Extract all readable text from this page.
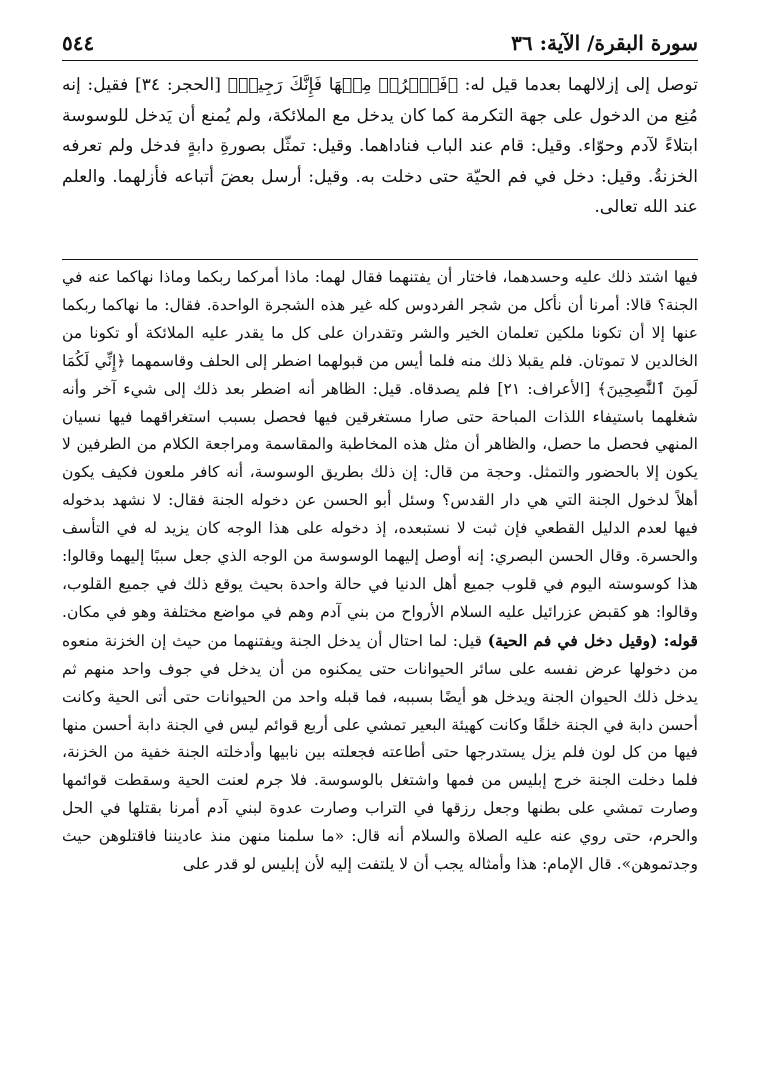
سورة البقرة/ الآية: ٣٦
٥٤٤

توصل إلى إزلالهما بعدما قيل له: ﴿فَٱخۡرُجۡ مِنۡهَا فَإِنَّكَ رَجِيمٞ﴾ [الحجر: ٣٤] فقيل: إنه مُنِع من الدخول على جهة التكرمة كما كان يدخل مع الملائكة، ولم يُمنع أن يَدخل للوسوسة ابتلاءً لآدم وحوّاء. وقيل: قام عند الباب فناداهما. وقيل: تمثّل بصورةِ دابةٍ فدخل ولم تعرفه الخزنةُ. وقيل: دخل في فم الحيّة حتى دخلت به. وقيل: أرسل بعضَ أتباعه فأزلهما. والعلم عند الله تعالى.

فيها اشتد ذلك عليه وحسدهما، فاختار أن يفتنهما فقال لهما: ماذا أمركما ربكما وماذا نهاكما عنه في الجنة؟ قالا: أمرنا أن نأكل من شجر الفردوس كله غير هذه الشجرة الواحدة. فقال: ما نهاكما ربكما عنها إلا أن تكونا ملكين تعلمان الخير والشر وتقدران على كل ما يقدر عليه الملائكة أو تكونا من الخالدين لا تموتان. فلم يقبلا ذلك منه فلما أيس من قبولهما اضطر إلى الحلف وقاسمهما ﴿إِنِّي لَكُمَا لَمِنَ ٱلنَّٰصِحِينَ﴾ [الأعراف: ٢١] فلم يصدقاه. قيل: الظاهر أنه اضطر بعد ذلك إلى شيء آخر وأنه شغلهما باستيفاء اللذات المباحة حتى صارا مستغرقين فيها فحصل بسبب استغراقهما فيها نسيان المنهي فحصل ما حصل، والظاهر أن مثل هذه المخاطبة والمقاسمة ومراجعة الكلام من الطرفين لا يكون إلا بالحضور والتمثل. وحجة من قال: إن ذلك بطريق الوسوسة، أنه كافر ملعون فكيف يكون أهلاً لدخول الجنة التي هي دار القدس؟ وسئل أبو الحسن عن دخوله الجنة فقال: لا نشهد بدخوله فيها لعدم الدليل القطعي فإن ثبت لا نستبعده، إذ دخوله على هذا الوجه كان يزيد له في التأسف والحسرة. وقال الحسن البصري: إنه أوصل إليهما الوسوسة من الوجه الذي جعل سببًا إليهما وقالوا: هذا كوسوسته اليوم في قلوب جميع أهل الدنيا في حالة واحدة بحيث يوقع ذلك في جميع القلوب، وقالوا: هو كقبض عزرائيل عليه السلام الأرواح من بني آدم وهم في مواضع مختلفة وهو في مكان. قوله: (وقيل دخل في فم الحية) قيل: لما احتال أن يدخل الجنة ويفتنهما من حيث إن الخزنة منعوه من دخولها عرض نفسه على سائر الحيوانات حتى يمكنوه من أن يدخل في جوف واحد منهم ثم يدخل ذلك الحيوان الجنة ويدخل هو أيضًا بسببه، فما قبله واحد من الحيوانات حتى أتى الحية وكانت أحسن دابة في الجنة خلقًا وكانت كهيئة البعير تمشي على أربع قوائم ليس في الجنة دابة أحسن منها فيها من كل لون فلم يزل يستدرجها حتى أطاعته فجعلته بين نابيها وأدخلته الجنة خفية من الخزنة، فلما دخلت الجنة خرج إبليس من فمها واشتغل بالوسوسة. فلا جرم لعنت الحية وسقطت قوائمها وصارت تمشي على بطنها وجعل رزقها في التراب وصارت عدوة لبني آدم أمرنا بقتلها في الحل والحرم، حتى روي عنه عليه الصلاة والسلام أنه قال: «ما سلمنا منهن منذ عاديننا فاقتلوهن حيث وجدتموهن». قال الإمام: هذا وأمثاله يجب أن لا يلتفت إليه لأن إبليس لو قدر على
